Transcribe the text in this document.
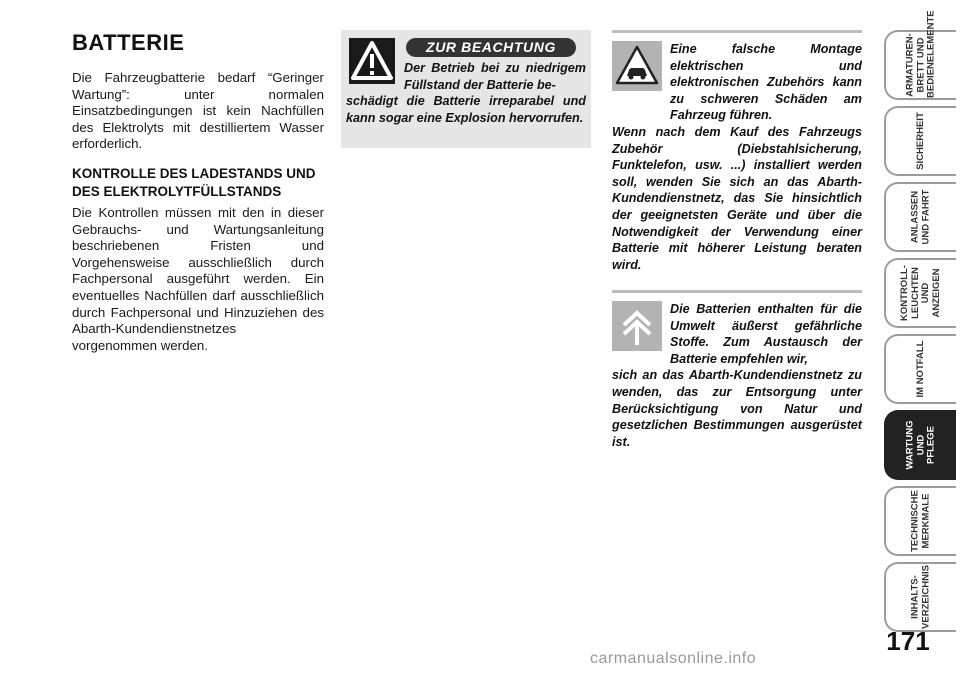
BATTERIE

Die Fahrzeugbatterie bedarf “Geringer Wartung”: unter normalen Einsatzbedingungen ist kein Nachfüllen des Elektrolyts mit destilliertem Wasser erforderlich.

KONTROLLE DES LADESTANDS UND DES ELEKTROLYTFÜLLSTANDS

Die Kontrollen müssen mit den in dieser Gebrauchs- und Wartungsanleitung beschriebenen Fristen und Vorgehensweise ausschließlich durch Fachpersonal ausgeführt werden. Ein eventuelles Nachfüllen darf ausschließlich durch Fachpersonal und Hinzuziehen des Abarth-Kundendienstnetzes vorgenommen werden.

ZUR BEACHTUNG
Der Betrieb bei zu niedrigem Füllstand der Batterie be-
schädigt die Batterie irreparabel und kann sogar eine Explosion hervorrufen.
Eine falsche Montage elektrischen und elektronischen Zubehörs kann zu schweren Schäden am Fahrzeug führen.
Wenn nach dem Kauf des Fahrzeugs Zubehör (Diebstahlsicherung, Funktelefon, usw. ...) installiert werden soll, wenden Sie sich an das Abarth-Kundendienstnetz, das Sie hinsichtlich der geeignetsten Geräte und über die Notwendigkeit der Verwendung einer Batterie mit höherer Leistung beraten wird.
Die Batterien enthalten für die Umwelt äußerst gefährliche Stoffe. Zum Austausch der Batterie empfehlen wir,
sich an das Abarth-Kundendienstnetz zu wenden, das zur Entsorgung unter Berücksichtigung von Natur und gesetzlichen Bestimmungen ausgerüstet ist.
ARMATUREN-
BRETT UND
BEDIENELEMENTE
SICHERHEIT
ANLASSEN
UND FAHRT
KONTROLL-
LEUCHTEN UND
ANZEIGEN
IM NOTFALL
WARTUNG UND
PFLEGE
TECHNISCHE
MERKMALE
INHALTS-
VERZEICHNIS
171
carmanualsonline.info
